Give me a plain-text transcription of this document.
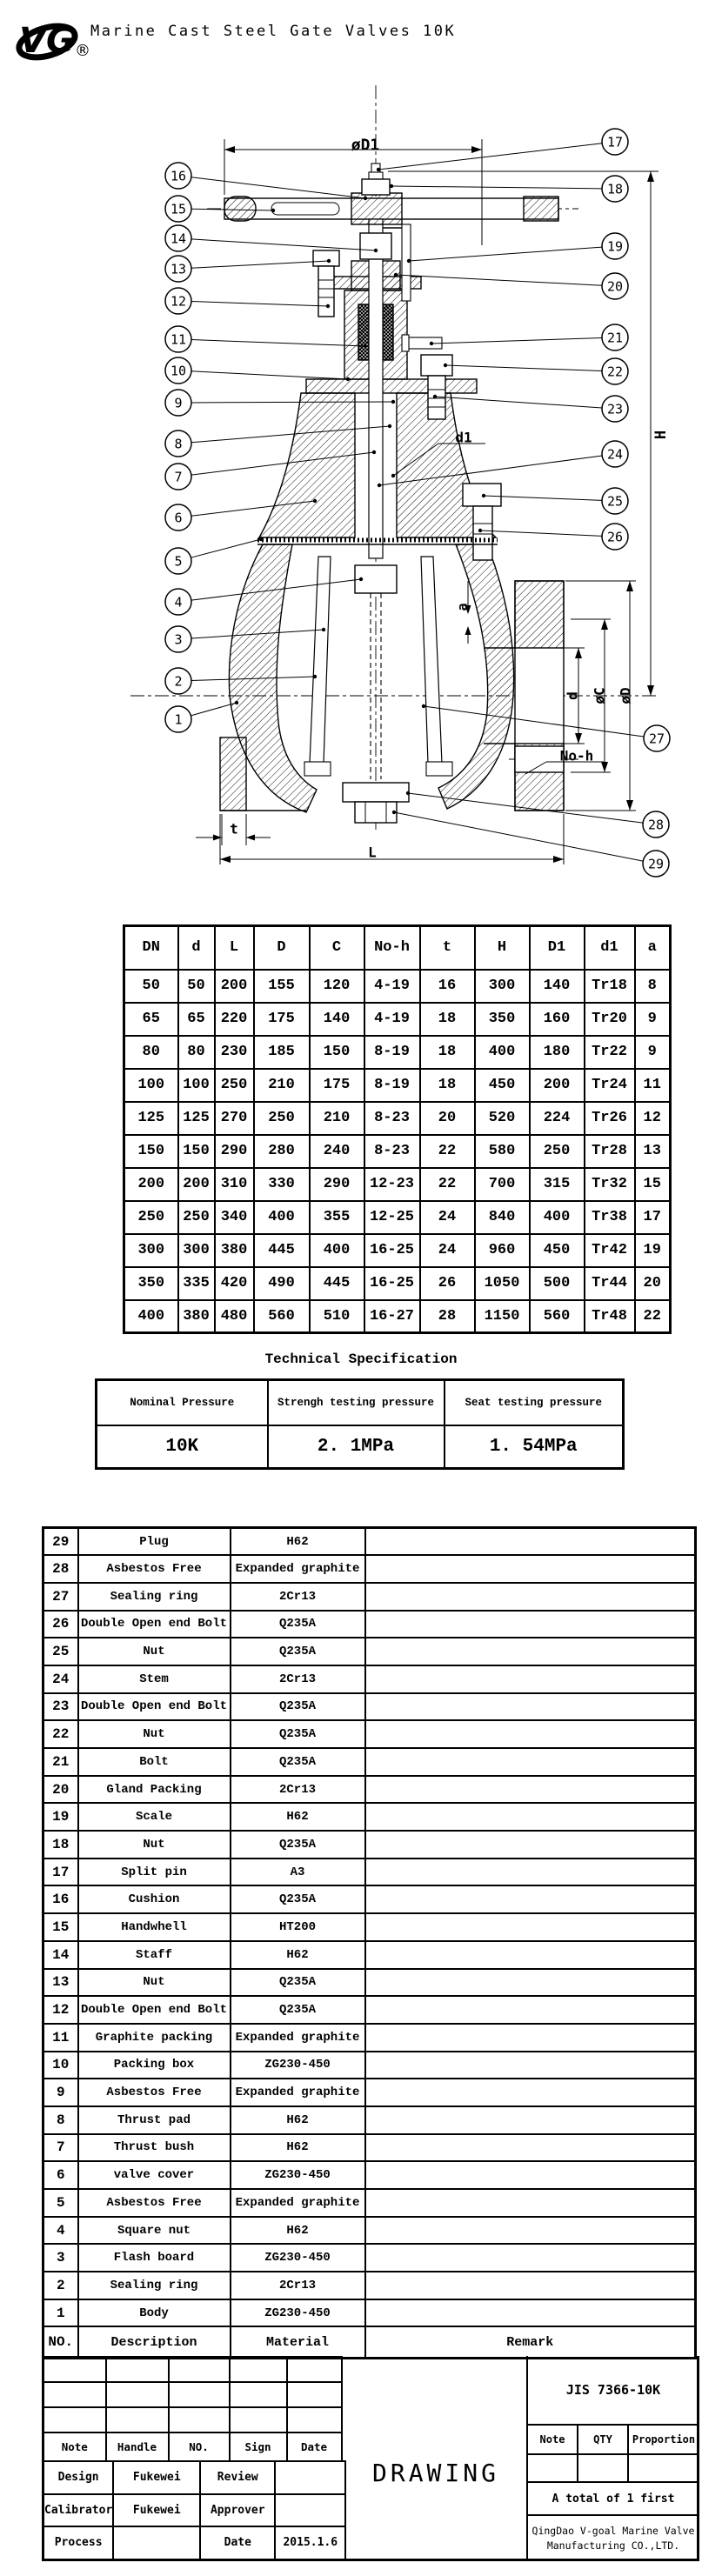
VG ®
Marine Cast Steel Gate Valves 10K
øD1
H
d1
a
d øC øD
No-h
L
t
16
15
14
13
12
11
10
9
8
7
6
5
4
3
2
1
17
18
19
20
21
22
23
24
25
26
27
28
29
DN	d	L	D	C	No-h	t	H	D1	d1	a
50	50	200	155	120	4-19	16	300	140	Tr18	8
65	65	220	175	140	4-19	18	350	160	Tr20	9
80	80	230	185	150	8-19	18	400	180	Tr22	9
100	100	250	210	175	8-19	18	450	200	Tr24	11
125	125	270	250	210	8-23	20	520	224	Tr26	12
150	150	290	280	240	8-23	22	580	250	Tr28	13
200	200	310	330	290	12-23	22	700	315	Tr32	15
250	250	340	400	355	12-25	24	840	400	Tr38	17
300	300	380	445	400	16-25	24	960	450	Tr42	19
350	335	420	490	445	16-25	26	1050	500	Tr44	20
400	380	480	560	510	16-27	28	1150	560	Tr48	22
Technical Specification
Nominal Pressure	Strengh testing pressure	Seat testing pressure
10K	2. 1MPa	1. 54MPa
29	Plug	H62	
28	Asbestos Free	Expanded graphite	
27	Sealing ring	2Cr13	
26	Double Open end Bolt	Q235A	
25	Nut	Q235A	
24	Stem	2Cr13	
23	Double Open end Bolt	Q235A	
22	Nut	Q235A	
21	Bolt	Q235A	
20	Gland Packing	2Cr13	
19	Scale	H62	
18	Nut	Q235A	
17	Split pin	A3	
16	Cushion	Q235A	
15	Handwhell	HT200	
14	Staff	H62	
13	Nut	Q235A	
12	Double Open end Bolt	Q235A	
11	Graphite packing	Expanded graphite	
10	Packing box	ZG230-450	
9	Asbestos Free	Expanded graphite	
8	Thrust pad	H62	
7	Thrust bush	H62	
6	valve cover	ZG230-450	
5	Asbestos Free	Expanded graphite	
4	Square nut	H62	
3	Flash board	ZG230-450	
2	Sealing ring	2Cr13	
1	Body	ZG230-450	
NO.	Description	Material	Remark

Note	Handle	NO.	Sign	Date
Design	Fukewei	Review	
Calibrator	Fukewei	Approver	
Process		Date	2015.1.6
DRAWING
JIS 7366-10K
Note	QTY	Proportion
A total of 1 first
QingDao V-goal Marine Valve
Manufacturing CO.,LTD.
